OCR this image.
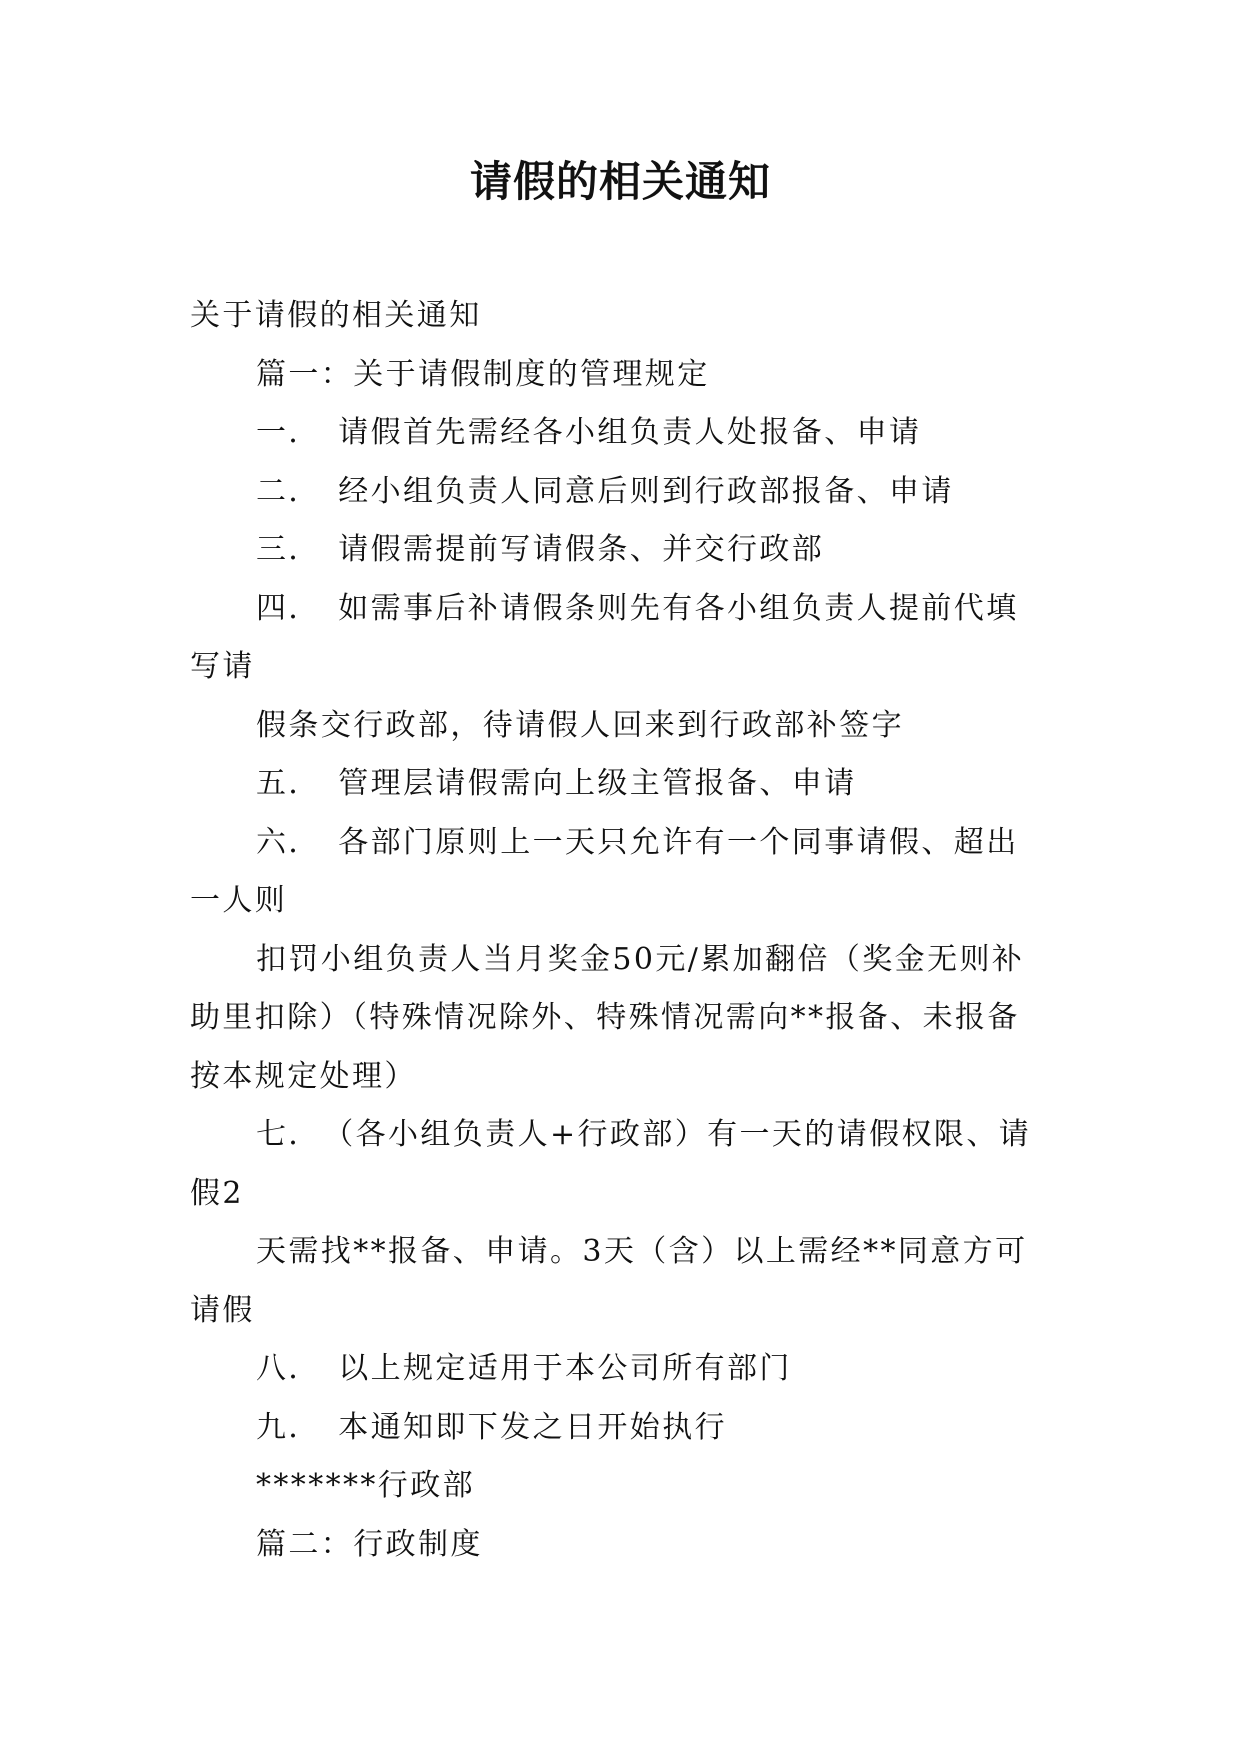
请假的相关通知

关于请假的相关通知

篇一：关于请假制度的管理规定

一．　请假首先需经各小组负责人处报备、申请

二．　经小组负责人同意后则到行政部报备、申请

三．　请假需提前写请假条、并交行政部

四．　如需事后补请假条则先有各小组负责人提前代填写请

假条交行政部，待请假人回来到行政部补签字

五．　管理层请假需向上级主管报备、申请

六．　各部门原则上一天只允许有一个同事请假、超出一人则

扣罚小组负责人当月奖金50元/累加翻倍（奖金无则补助里扣除）（特殊情况除外、特殊情况需向**报备、未报备按本规定处理）

七．　（各小组负责人+行政部）有一天的请假权限、请假2

天需找**报备、申请。3天（含）以上需经**同意方可请假

八．　以上规定适用于本公司所有部门

九．　本通知即下发之日开始执行

*******行政部

篇二：行政制度
